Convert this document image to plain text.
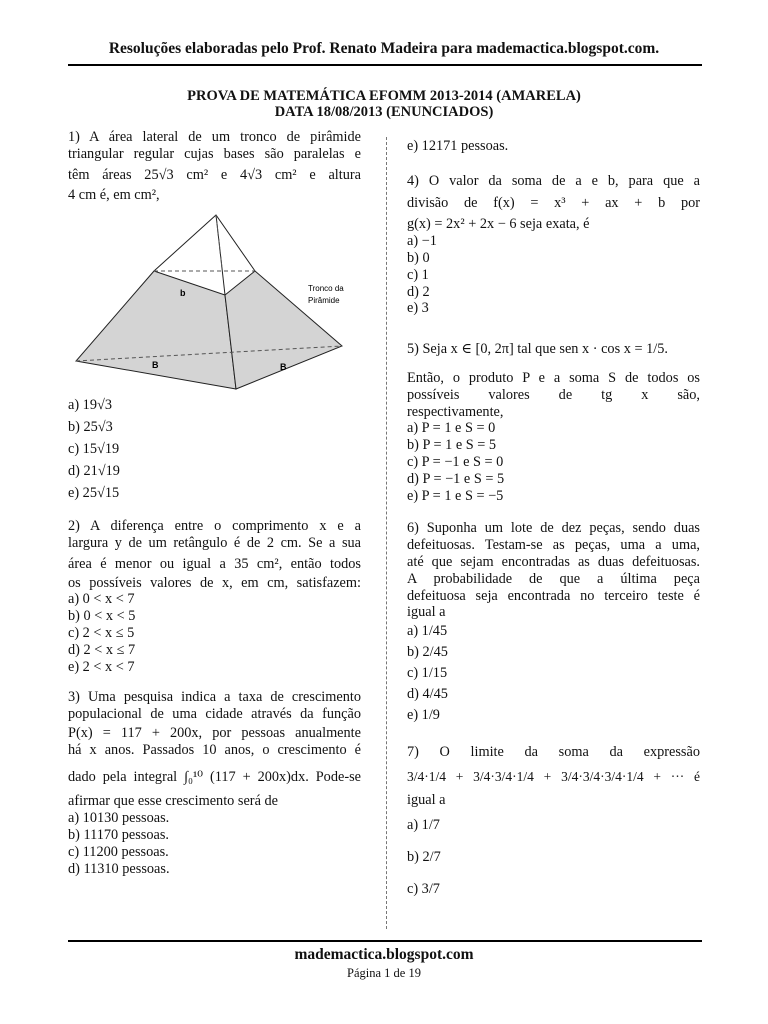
Resoluções elaboradas pelo Prof. Renato Madeira para mademactica.blogspot.com.
PROVA DE MATEMÁTICA EFOMM 2013-2014 (AMARELA)
DATA 18/08/2013 (ENUNCIADOS)

1) A área lateral de um tronco de pirâmide

triangular regular cujas bases são paralelas e

têm áreas 25√3 cm² e 4√3 cm² e altura

4 cm é, em cm²,

b
B	B
Tronco da
Pirâmide

a) 19√3

b) 25√3

c) 15√19

d) 21√19

e) 25√15

2) A diferença entre o comprimento x e a

largura y de um retângulo é de 2 cm. Se a sua

área é menor ou igual a 35 cm², então todos

os possíveis valores de x, em cm, satisfazem:

a) 0 < x < 7

b) 0 < x < 5

c) 2 < x ≤ 5

d) 2 < x ≤ 7

e) 2 < x < 7

3) Uma pesquisa indica a taxa de crescimento

populacional de uma cidade através da função

P(x) = 117 + 200x, por pessoas anualmente

há x anos. Passados 10 anos, o crescimento é

dado pela integral ∫₀¹⁰ (117 + 200x)dx. Pode-se

afirmar que esse crescimento será de

a) 10130 pessoas.

b) 11170 pessoas.

c) 11200 pessoas.

d) 11310 pessoas.

e) 12171 pessoas.

4) O valor da soma de a e b, para que a

divisão de f(x) = x³ + ax + b por

g(x) = 2x² + 2x − 6 seja exata, é

a) −1

b) 0

c) 1

d) 2

e) 3

5) Seja x ∈ [0, 2π] tal que sen x · cos x = 1/5.

Então, o produto P e a soma S de todos os

possíveis valores de tg x são,

respectivamente,

a) P = 1 e S = 0

b) P = 1 e S = 5

c) P = −1 e S = 0

d) P = −1 e S = 5

e) P = 1 e S = −5

6) Suponha um lote de dez peças, sendo duas

defeituosas. Testam-se as peças, uma a uma,

até que sejam encontradas as duas defeituosas.

A probabilidade de que a última peça

defeituosa seja encontrada no terceiro teste é

igual a

a) 1/45

b) 2/45

c) 1/15

d) 4/45

e) 1/9

7) O limite da soma da expressão

3/4·1/4 + 3/4·3/4·1/4 + 3/4·3/4·3/4·1/4 + ··· é

igual a

a) 1/7

b) 2/7

c) 3/7

mademactica.blogspot.com
Página 1 de 19
